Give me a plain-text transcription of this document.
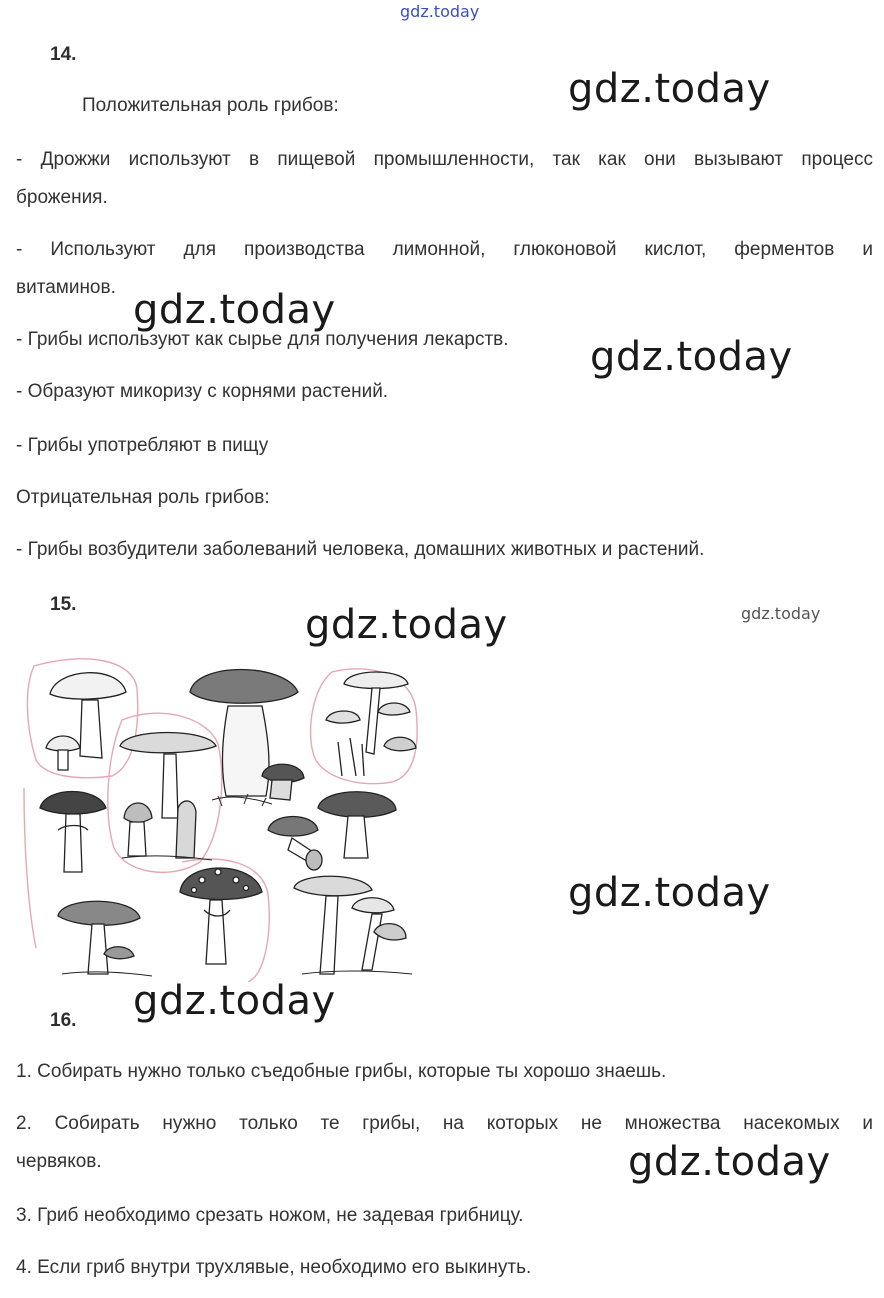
gdz.today
14.
Положительная роль грибов:
- Дрожжи используют в пищевой промышленности, так как они вызывают процесс
брожения.
- Используют для производства лимонной, глюконовой кислот, ферментов и
витаминов.
- Грибы используют как сырье для получения лекарств.
- Образуют микоризу с корнями растений.
- Грибы употребляют в пищу
Отрицательная роль грибов:
- Грибы возбудители заболеваний человека, домашних животных и растений.
15.
16.
1. Собирать нужно только съедобные грибы, которые ты хорошо знаешь.
2. Собирать нужно только те грибы, на которых не множества насекомых и
червяков.
3. Гриб необходимо срезать ножом, не задевая грибницу.
4. Если гриб внутри трухлявые, необходимо его выкинуть.
gdz.today
gdz.today
gdz.today
gdz.today	gdz.today
gdz.today
gdz.today
gdz.today
